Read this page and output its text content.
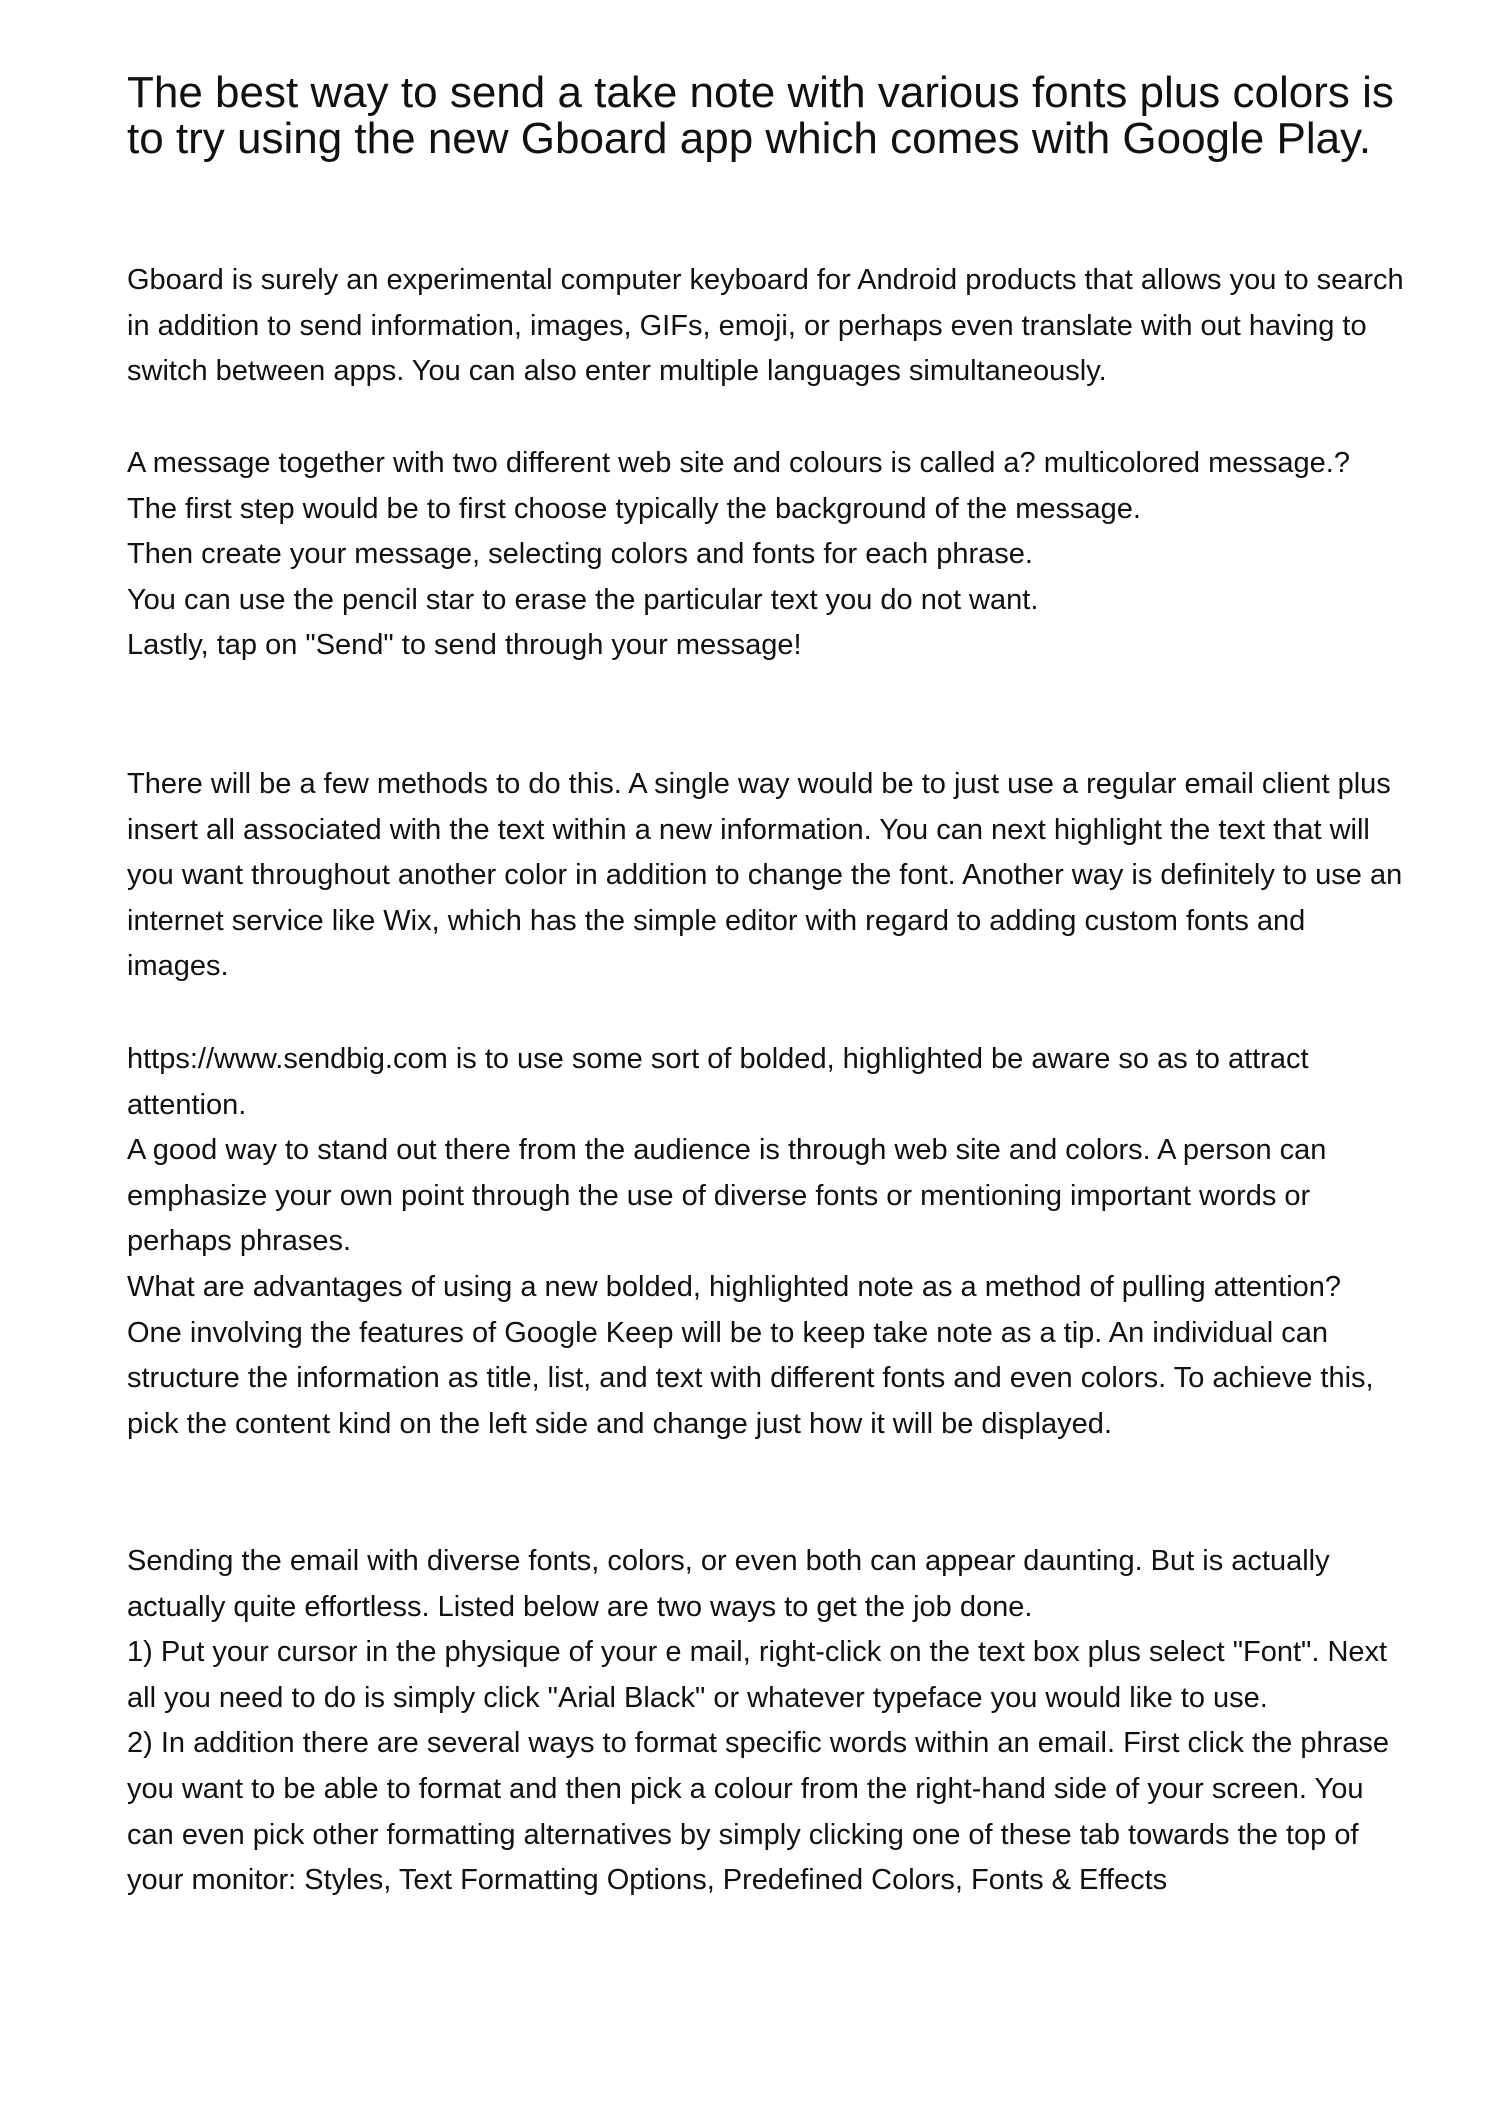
The best way to send a take note with various fonts plus colors is to try using the new Gboard app which comes with Google Play.

Gboard is surely an experimental computer keyboard for Android products that allows you to search in addition to send information, images, GIFs, emoji, or perhaps even translate with out having to switch between apps. You can also enter multiple languages simultaneously.

A message together with two different web site and colours is called a? multicolored message.?

The first step would be to first choose typically the background of the message.

Then create your message, selecting colors and fonts for each phrase.

You can use the pencil star to erase the particular text you do not want.

Lastly, tap on "Send" to send through your message!

There will be a few methods to do this. A single way would be to just use a regular email client plus insert all associated with the text within a new information. You can next highlight the text that will you want throughout another color in addition to change the font. Another way is definitely to use an internet service like Wix, which has the simple editor with regard to adding custom fonts and images.

https://www.sendbig.com is to use some sort of bolded, highlighted be aware so as to attract attention.

A good way to stand out there from the audience is through web site and colors. A person can emphasize your own point through the use of diverse fonts or mentioning important words or perhaps phrases.

What are advantages of using a new bolded, highlighted note as a method of pulling attention?

One involving the features of Google Keep will be to keep take note as a tip. An individual can structure the information as title, list, and text with different fonts and even colors. To achieve this, pick the content kind on the left side and change just how it will be displayed.

Sending the email with diverse fonts, colors, or even both can appear daunting. But is actually actually quite effortless. Listed below are two ways to get the job done.

1) Put your cursor in the physique of your e mail, right-click on the text box plus select "Font". Next all you need to do is simply click "Arial Black" or whatever typeface you would like to use.

2) In addition there are several ways to format specific words within an email. First click the phrase you want to be able to format and then pick a colour from the right-hand side of your screen. You can even pick other formatting alternatives by simply clicking one of these tab towards the top of your monitor: Styles, Text Formatting Options, Predefined Colors, Fonts & Effects
